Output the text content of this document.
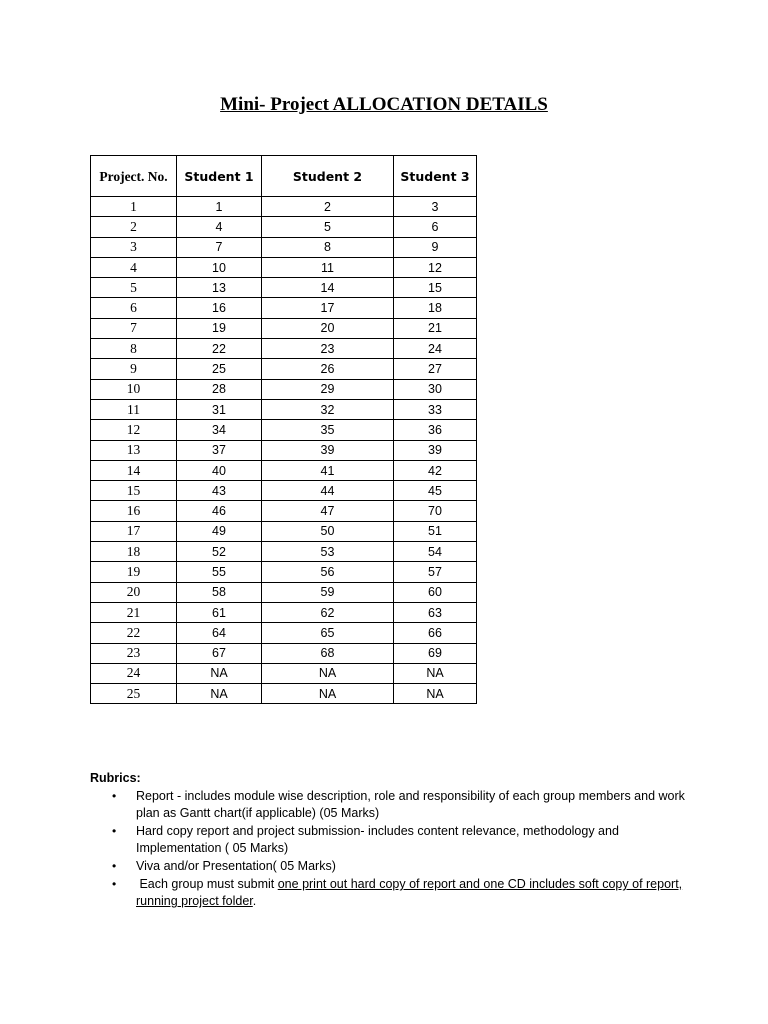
Mini- Project ALLOCATION DETAILS
Project. No.	Student 1	Student 2	Student 3
1	1	2	3
2	4	5	6
3	7	8	9
4	10	11	12
5	13	14	15
6	16	17	18
7	19	20	21
8	22	23	24
9	25	26	27
10	28	29	30
11	31	32	33
12	34	35	36
13	37	39	39
14	40	41	42
15	43	44	45
16	46	47	70
17	49	50	51
18	52	53	54
19	55	56	57
20	58	59	60
21	61	62	63
22	64	65	66
23	67	68	69
24	NA	NA	NA
25	NA	NA	NA
Rubrics:
• Report - includes module wise description, role and responsibility of each group members and work plan as Gantt chart(if applicable) (05 Marks)
• Hard copy report and project submission- includes content relevance, methodology and Implementation ( 05 Marks)
• Viva and/or Presentation( 05 Marks)
• Each group must submit one print out hard copy of report and one CD includes soft copy of report, running project folder.
